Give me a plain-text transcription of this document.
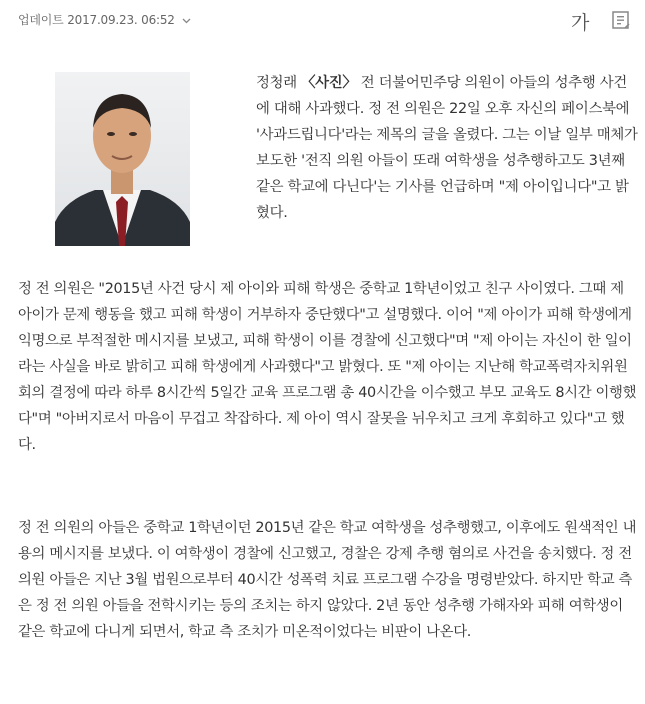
업데이트 2017.09.23. 06:52	가
정청래 〈사진〉 전 더불어민주당 의원이 아들의 성추행 사건에 대해 사과했다. 정 전 의원은 22일 오후 자신의 페이스북에 '사과드립니다'라는 제목의 글을 올렸다. 그는 이날 일부 매체가 보도한 '전직 의원 아들이 또래 여학생을 성추행하고도 3년째 같은 학교에 다닌다'는 기사를 언급하며 "제 아이입니다"고 밝혔다.

정 전 의원은 "2015년 사건 당시 제 아이와 피해 학생은 중학교 1학년이었고 친구 사이였다. 그때 제 아이가 문제 행동을 했고 피해 학생이 거부하자 중단했다"고 설명했다. 이어 "제 아이가 피해 학생에게 익명으로 부적절한 메시지를 보냈고, 피해 학생이 이를 경찰에 신고했다"며 "제 아이는 자신이 한 일이라는 사실을 바로 밝히고 피해 학생에게 사과했다"고 밝혔다. 또 "제 아이는 지난해 학교폭력자치위원회의 결정에 따라 하루 8시간씩 5일간 교육 프로그램 총 40시간을 이수했고 부모 교육도 8시간 이행했다"며 "아버지로서 마음이 무겁고 착잡하다. 제 아이 역시 잘못을 뉘우치고 크게 후회하고 있다"고 했다.

정 전 의원의 아들은 중학교 1학년이던 2015년 같은 학교 여학생을 성추행했고, 이후에도 원색적인 내용의 메시지를 보냈다. 이 여학생이 경찰에 신고했고, 경찰은 강제 추행 혐의로 사건을 송치했다. 정 전 의원 아들은 지난 3월 법원으로부터 40시간 성폭력 치료 프로그램 수강을 명령받았다. 하지만 학교 측은 정 전 의원 아들을 전학시키는 등의 조치는 하지 않았다. 2년 동안 성추행 가해자와 피해 여학생이 같은 학교에 다니게 되면서, 학교 측 조치가 미온적이었다는 비판이 나온다.
